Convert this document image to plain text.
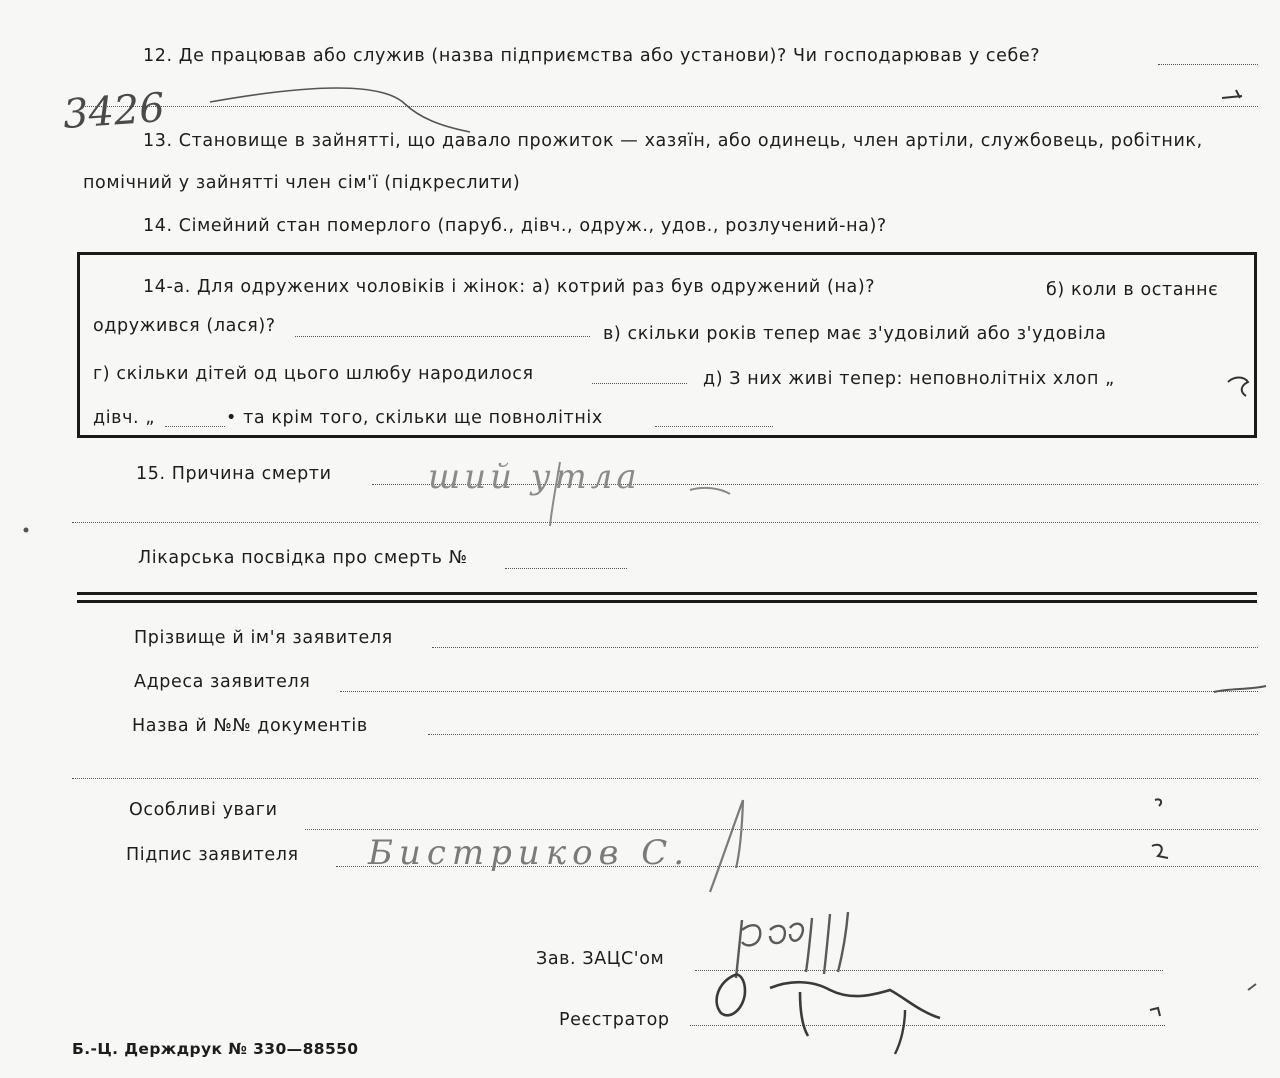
12. Де працював або служив (назва підприємства або установи)? Чи господарював у себе?
13. Становище в зайнятті, що давало прожиток — хазяїн, або одинець, член артіли, службовець, робітник,
помічний у зайнятті член сім'ї (підкреслити)
14. Сімейний стан померлого (паруб., дівч., одруж., удов., розлучений-на)?
14-а. Для одружених чоловіків і жінок: а) котрий раз був одружений (на)?	б) коли в останнє
одружився (лася)?	в) скільки років тепер має з'удовілий або з'удовіла
г) скільки дітей од цього шлюбу народилося	д) З них живі тепер: неповнолітніх хлоп „
дівч. „	• та крім того, скільки ще повнолітніх
15. Причина смерти
Лікарська посвідка про смерть №
Прізвище й ім'я заявителя
Адреса заявителя
Назва й №№ документів
Особливі уваги
Підпис заявителя
Зав. ЗАЦС'ом
Реєстратор
Б.-Ц. Держдрук № 330—88550
3426
ший утла
Бистриков С.
